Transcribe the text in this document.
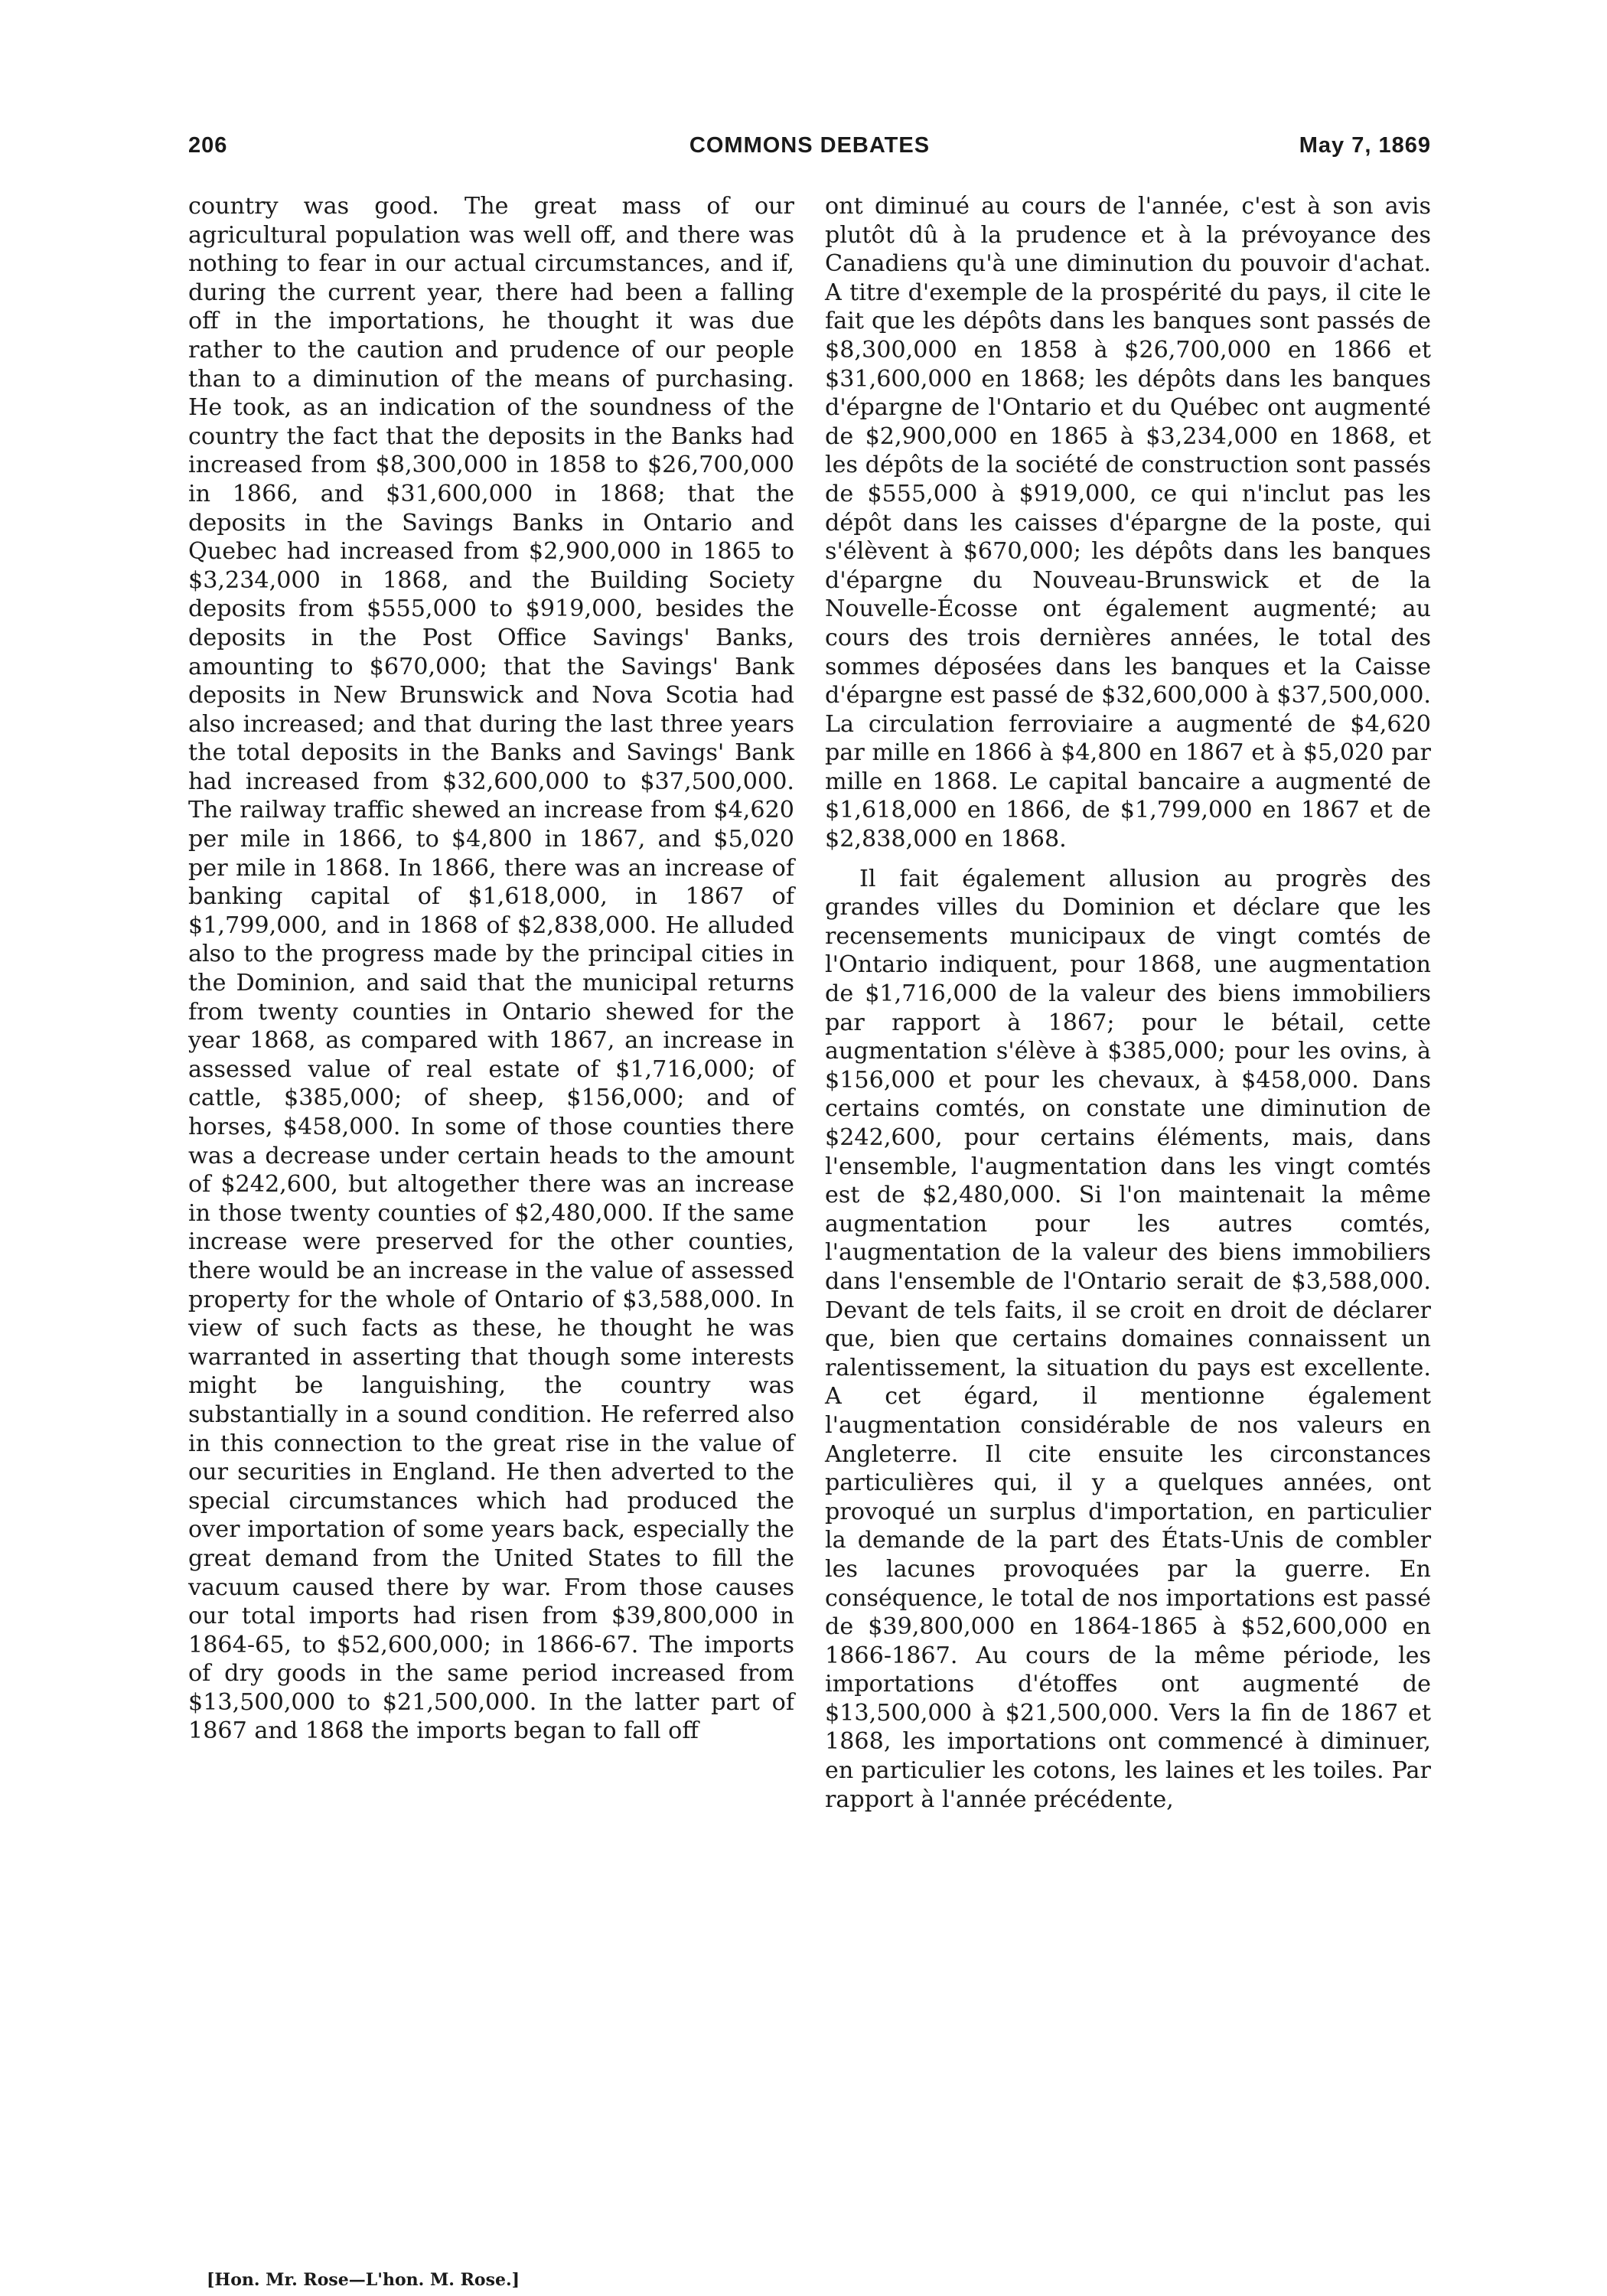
206	COMMONS DEBATES	May 7, 1869

country was good. The great mass of our agricultural population was well off, and there was nothing to fear in our actual circumstances, and if, during the current year, there had been a falling off in the importations, he thought it was due rather to the caution and prudence of our people than to a diminution of the means of purchasing. He took, as an indication of the soundness of the country the fact that the deposits in the Banks had increased from $8,300,000 in 1858 to $26,700,000 in 1866, and $31,600,000 in 1868; that the deposits in the Savings Banks in Ontario and Quebec had increased from $2,900,000 in 1865 to $3,234,000 in 1868, and the Building Society deposits from $555,000 to $919,000, besides the deposits in the Post Office Savings' Banks, amounting to $670,000; that the Savings' Bank deposits in New Brunswick and Nova Scotia had also increased; and that during the last three years the total deposits in the Banks and Savings' Bank had increased from $32,600,000 to $37,500,000. The railway traffic shewed an increase from $4,620 per mile in 1866, to $4,800 in 1867, and $5,020 per mile in 1868. In 1866, there was an increase of banking capital of $1,618,000, in 1867 of $1,799,000, and in 1868 of $2,838,000. He alluded also to the progress made by the principal cities in the Dominion, and said that the municipal returns from twenty counties in Ontario shewed for the year 1868, as compared with 1867, an increase in assessed value of real estate of $1,716,000; of cattle, $385,000; of sheep, $156,000; and of horses, $458,000. In some of those counties there was a decrease under certain heads to the amount of $242,600, but altogether there was an increase in those twenty counties of $2,480,000. If the same increase were preserved for the other counties, there would be an increase in the value of assessed property for the whole of Ontario of $3,588,000. In view of such facts as these, he thought he was warranted in asserting that though some interests might be languishing, the country was substantially in a sound condition. He referred also in this connection to the great rise in the value of our securities in England. He then adverted to the special circumstances which had produced the over importation of some years back, especially the great demand from the United States to fill the vacuum caused there by war. From those causes our total imports had risen from $39,800,000 in 1864-65, to $52,600,000; in 1866-67. The imports of dry goods in the same period increased from $13,500,000 to $21,500,000. In the latter part of 1867 and 1868 the imports began to fall off

ont diminué au cours de l'année, c'est à son avis plutôt dû à la prudence et à la prévoyance des Canadiens qu'à une diminution du pouvoir d'achat. A titre d'exemple de la prospérité du pays, il cite le fait que les dépôts dans les banques sont passés de $8,300,000 en 1858 à $26,700,000 en 1866 et $31,600,000 en 1868; les dépôts dans les banques d'épargne de l'Ontario et du Québec ont augmenté de $2,900,000 en 1865 à $3,234,000 en 1868, et les dépôts de la société de construction sont passés de $555,000 à $919,000, ce qui n'inclut pas les dépôt dans les caisses d'épargne de la poste, qui s'élèvent à $670,000; les dépôts dans les banques d'épargne du Nouveau-Brunswick et de la Nouvelle-Écosse ont également augmenté; au cours des trois dernières années, le total des sommes déposées dans les banques et la Caisse d'épargne est passé de $32,600,000 à $37,500,000. La circulation ferroviaire a augmenté de $4,620 par mille en 1866 à $4,800 en 1867 et à $5,020 par mille en 1868. Le capital bancaire a augmenté de $1,618,000 en 1866, de $1,799,000 en 1867 et de $2,838,000 en 1868.

Il fait également allusion au progrès des grandes villes du Dominion et déclare que les recensements municipaux de vingt comtés de l'Ontario indiquent, pour 1868, une augmentation de $1,716,000 de la valeur des biens immobiliers par rapport à 1867; pour le bétail, cette augmentation s'élève à $385,000; pour les ovins, à $156,000 et pour les chevaux, à $458,000. Dans certains comtés, on constate une diminution de $242,600, pour certains éléments, mais, dans l'ensemble, l'augmentation dans les vingt comtés est de $2,480,000. Si l'on maintenait la même augmentation pour les autres comtés, l'augmentation de la valeur des biens immobiliers dans l'ensemble de l'Ontario serait de $3,588,000. Devant de tels faits, il se croit en droit de déclarer que, bien que certains domaines connaissent un ralentissement, la situation du pays est excellente. A cet égard, il mentionne également l'augmentation considérable de nos valeurs en Angleterre. Il cite ensuite les circonstances particulières qui, il y a quelques années, ont provoqué un surplus d'importation, en particulier la demande de la part des États-Unis de combler les lacunes provoquées par la guerre. En conséquence, le total de nos importations est passé de $39,800,000 en 1864-1865 à $52,600,000 en 1866-1867. Au cours de la même période, les importations d'étoffes ont augmenté de $13,500,000 à $21,500,000. Vers la fin de 1867 et 1868, les importations ont commencé à diminuer, en particulier les cotons, les laines et les toiles. Par rapport à l'année précédente,

[Hon. Mr. Rose—L'hon. M. Rose.]
